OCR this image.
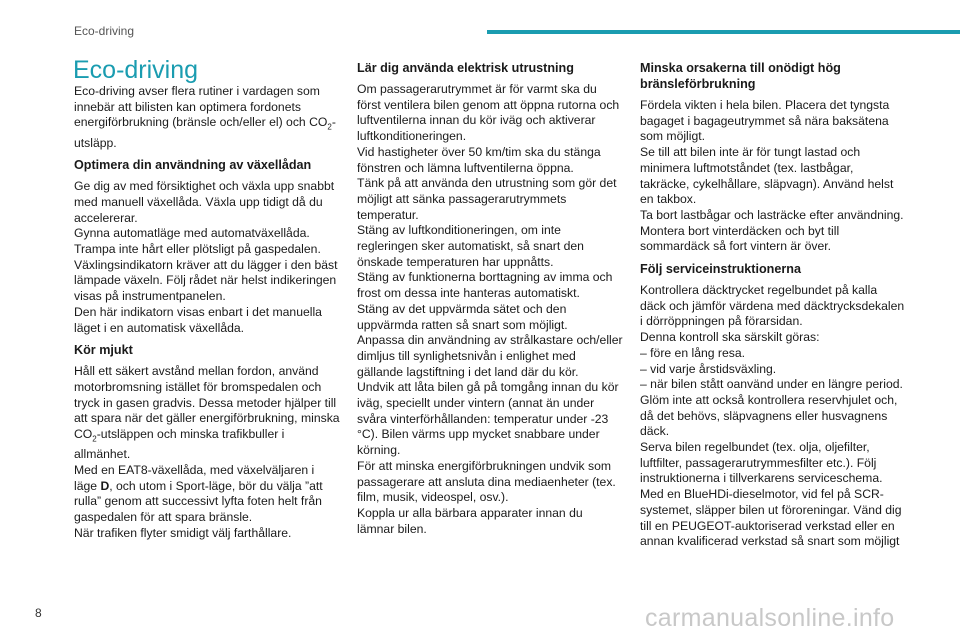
Eco-driving
Eco-driving

Eco-driving avser flera rutiner i vardagen som innebär att bilisten kan optimera fordonets energiförbrukning (bränsle och/eller el) och $CO_2$-utsläpp.

Optimera din användning av växellådan

Ge dig av med försiktighet och växla upp snabbt med manuell växellåda. Växla upp tidigt då du accelererar.

Gynna automatläge med automatväxellåda.

Trampa inte hårt eller plötsligt på gaspedalen.

Växlingsindikatorn kräver att du lägger i den bäst lämpade växeln. Följ rådet när helst indikeringen visas på instrumentpanelen.

Den här indikatorn visas enbart i det manuella läget i en automatisk växellåda.

Kör mjukt

Håll ett säkert avstånd mellan fordon, använd motorbromsning istället för bromspedalen och tryck in gasen gradvis. Dessa metoder hjälper till att spara när det gäller energiförbrukning, minska $CO_2$-utsläppen och minska trafikbuller i allmänhet.

Med en EAT8-växellåda, med växelväljaren i läge D, och utom i Sport-läge, bör du välja ”att rulla” genom att successivt lyfta foten helt från gaspedalen för att spara bränsle.

När trafiken flyter smidigt välj farthållare.

Lär dig använda elektrisk utrustning

Om passagerarutrymmet är för varmt ska du först ventilera bilen genom att öppna rutorna och luftventilerna innan du kör iväg och aktiverar luftkonditioneringen.

Vid hastigheter över 50 km/tim ska du stänga fönstren och lämna luftventilerna öppna.

Tänk på att använda den utrustning som gör det möjligt att sänka passagerarutrymmets temperatur.

Stäng av luftkonditioneringen, om inte regleringen sker automatiskt, så snart den önskade temperaturen har uppnåtts.

Stäng av funktionerna borttagning av imma och frost om dessa inte hanteras automatiskt.

Stäng av det uppvärmda sätet och den uppvärmda ratten så snart som möjligt.

Anpassa din användning av strålkastare och/eller dimljus till synlighetsnivån i enlighet med gällande lagstiftning i det land där du kör.

Undvik att låta bilen gå på tomgång innan du kör iväg, speciellt under vintern (annat än under svåra vinterförhållanden: temperatur under -23 °C). Bilen värms upp mycket snabbare under körning.

För att minska energiförbrukningen undvik som passagerare att ansluta dina mediaenheter (tex. film, musik, videospel, osv.).

Koppla ur alla bärbara apparater innan du lämnar bilen.

Minska orsakerna till onödigt hög bränsleförbrukning

Fördela vikten i hela bilen. Placera det tyngsta bagaget i bagageutrymmet så nära baksätena som möjligt.

Se till att bilen inte är för tungt lastad och minimera luftmotståndet (tex. lastbågar, takräcke, cykelhållare, släpvagn). Använd helst en takbox.

Ta bort lastbågar och lasträcke efter användning.

Montera bort vinterdäcken och byt till sommardäck så fort vintern är över.

Följ serviceinstruktionerna

Kontrollera däcktrycket regelbundet på kalla däck och jämför värdena med däcktrycksdekalen i dörröppningen på förarsidan.

Denna kontroll ska särskilt göras:

– före en lång resa.

– vid varje årstidsväxling.

– när bilen stått oanvänd under en längre period.

Glöm inte att också kontrollera reservhjulet och, då det behövs, släpvagnens eller husvagnens däck.

Serva bilen regelbundet (tex. olja, oljefilter, luftfilter, passagerarutrymmesfilter etc.). Följ instruktionerna i tillverkarens serviceschema.

Med en BlueHDi-dieselmotor, vid fel på SCR-systemet, släpper bilen ut föroreningar. Vänd dig till en PEUGEOT-auktoriserad verkstad eller en annan kvalificerad verkstad så snart som möjligt

8	carmanualsonline.info
